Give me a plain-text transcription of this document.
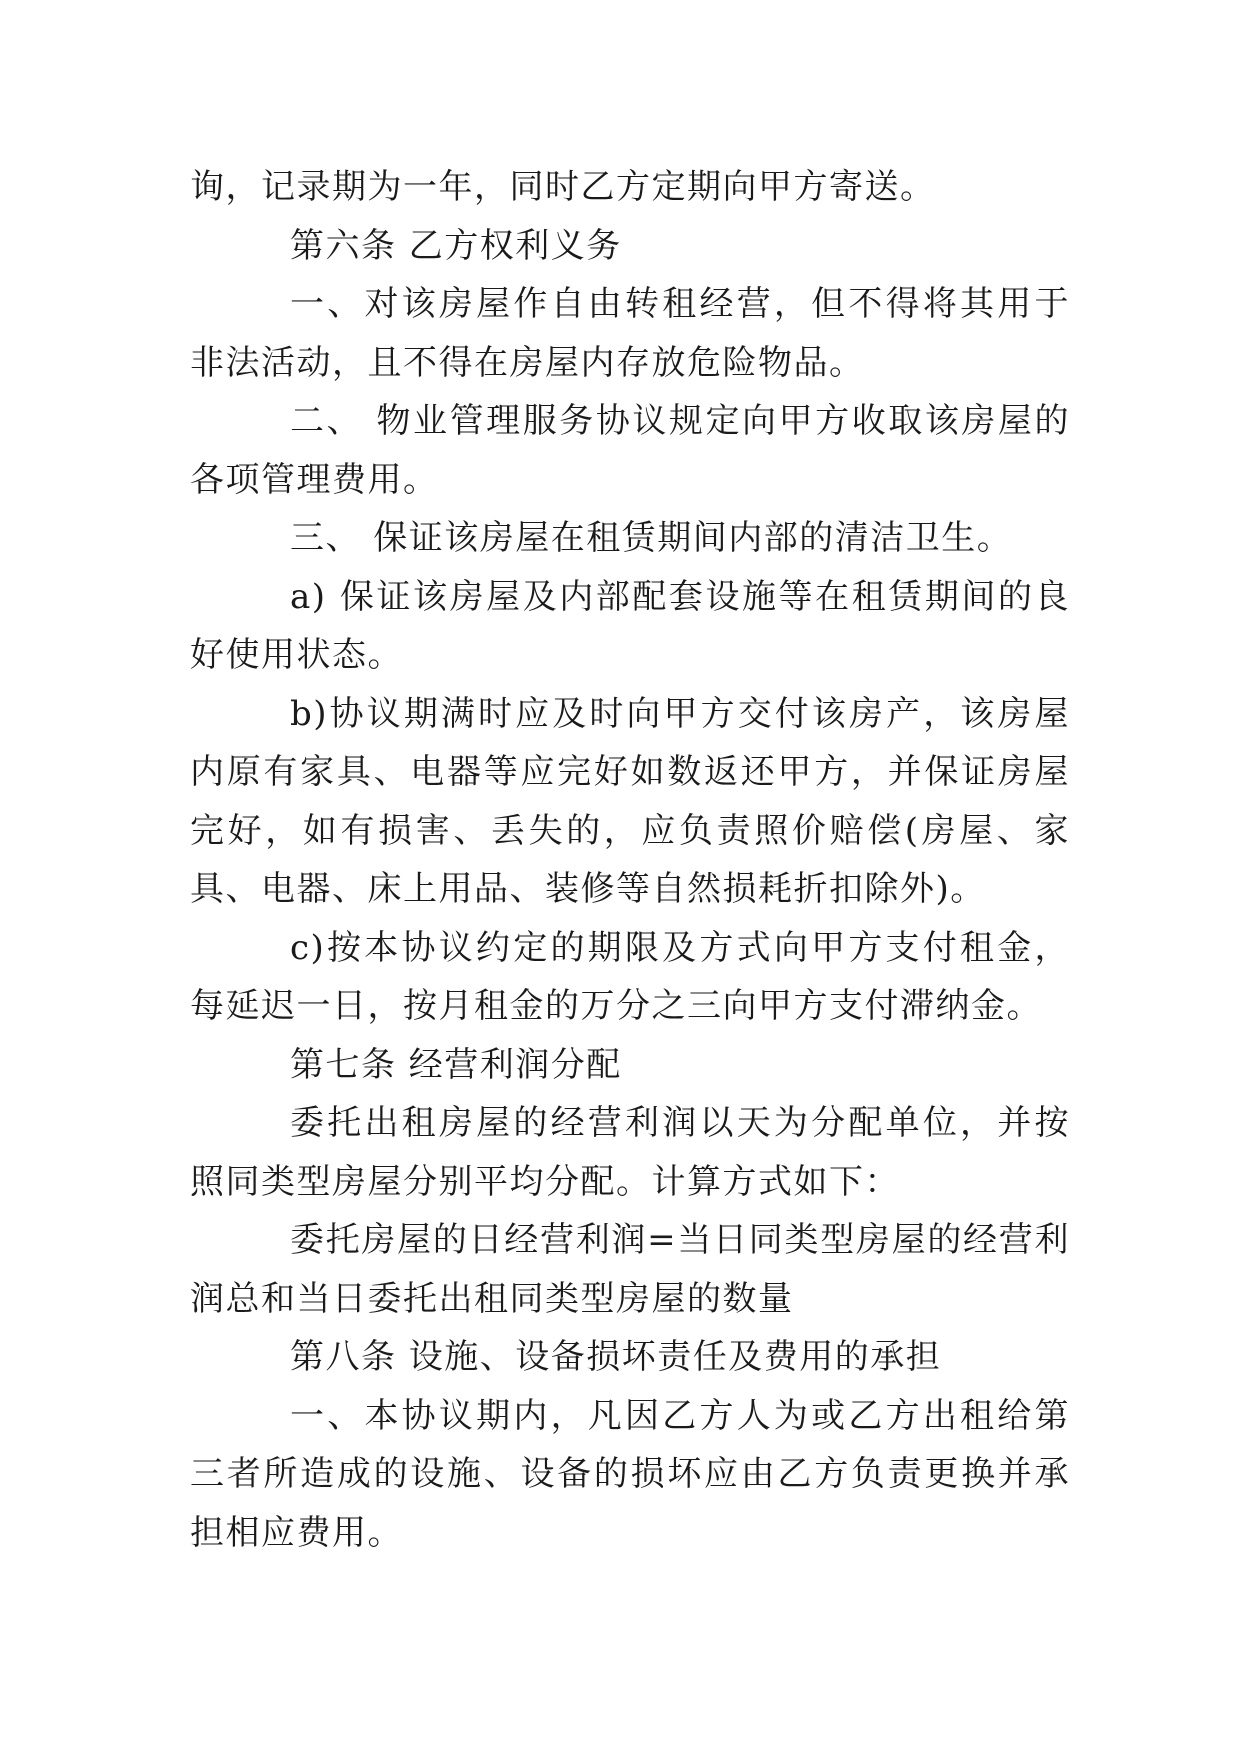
询，记录期为一年，同时乙方定期向甲方寄送。

第六条 乙方权利义务

一、对该房屋作自由转租经营，但不得将其用于非法活动，且不得在房屋内存放危险物品。

二、 物业管理服务协议规定向甲方收取该房屋的各项管理费用。

三、 保证该房屋在租赁期间内部的清洁卫生。

a) 保证该房屋及内部配套设施等在租赁期间的良好使用状态。

b)协议期满时应及时向甲方交付该房产，该房屋内原有家具、电器等应完好如数返还甲方，并保证房屋完好，如有损害、丢失的，应负责照价赔偿(房屋、家具、电器、床上用品、装修等自然损耗折扣除外)。

c)按本协议约定的期限及方式向甲方支付租金，每延迟一日，按月租金的万分之三向甲方支付滞纳金。

第七条 经营利润分配

委托出租房屋的经营利润以天为分配单位，并按照同类型房屋分别平均分配。计算方式如下：

委托房屋的日经营利润=当日同类型房屋的经营利润总和当日委托出租同类型房屋的数量

第八条 设施、设备损坏责任及费用的承担

一、本协议期内，凡因乙方人为或乙方出租给第三者所造成的设施、设备的损坏应由乙方负责更换并承担相应费用。
